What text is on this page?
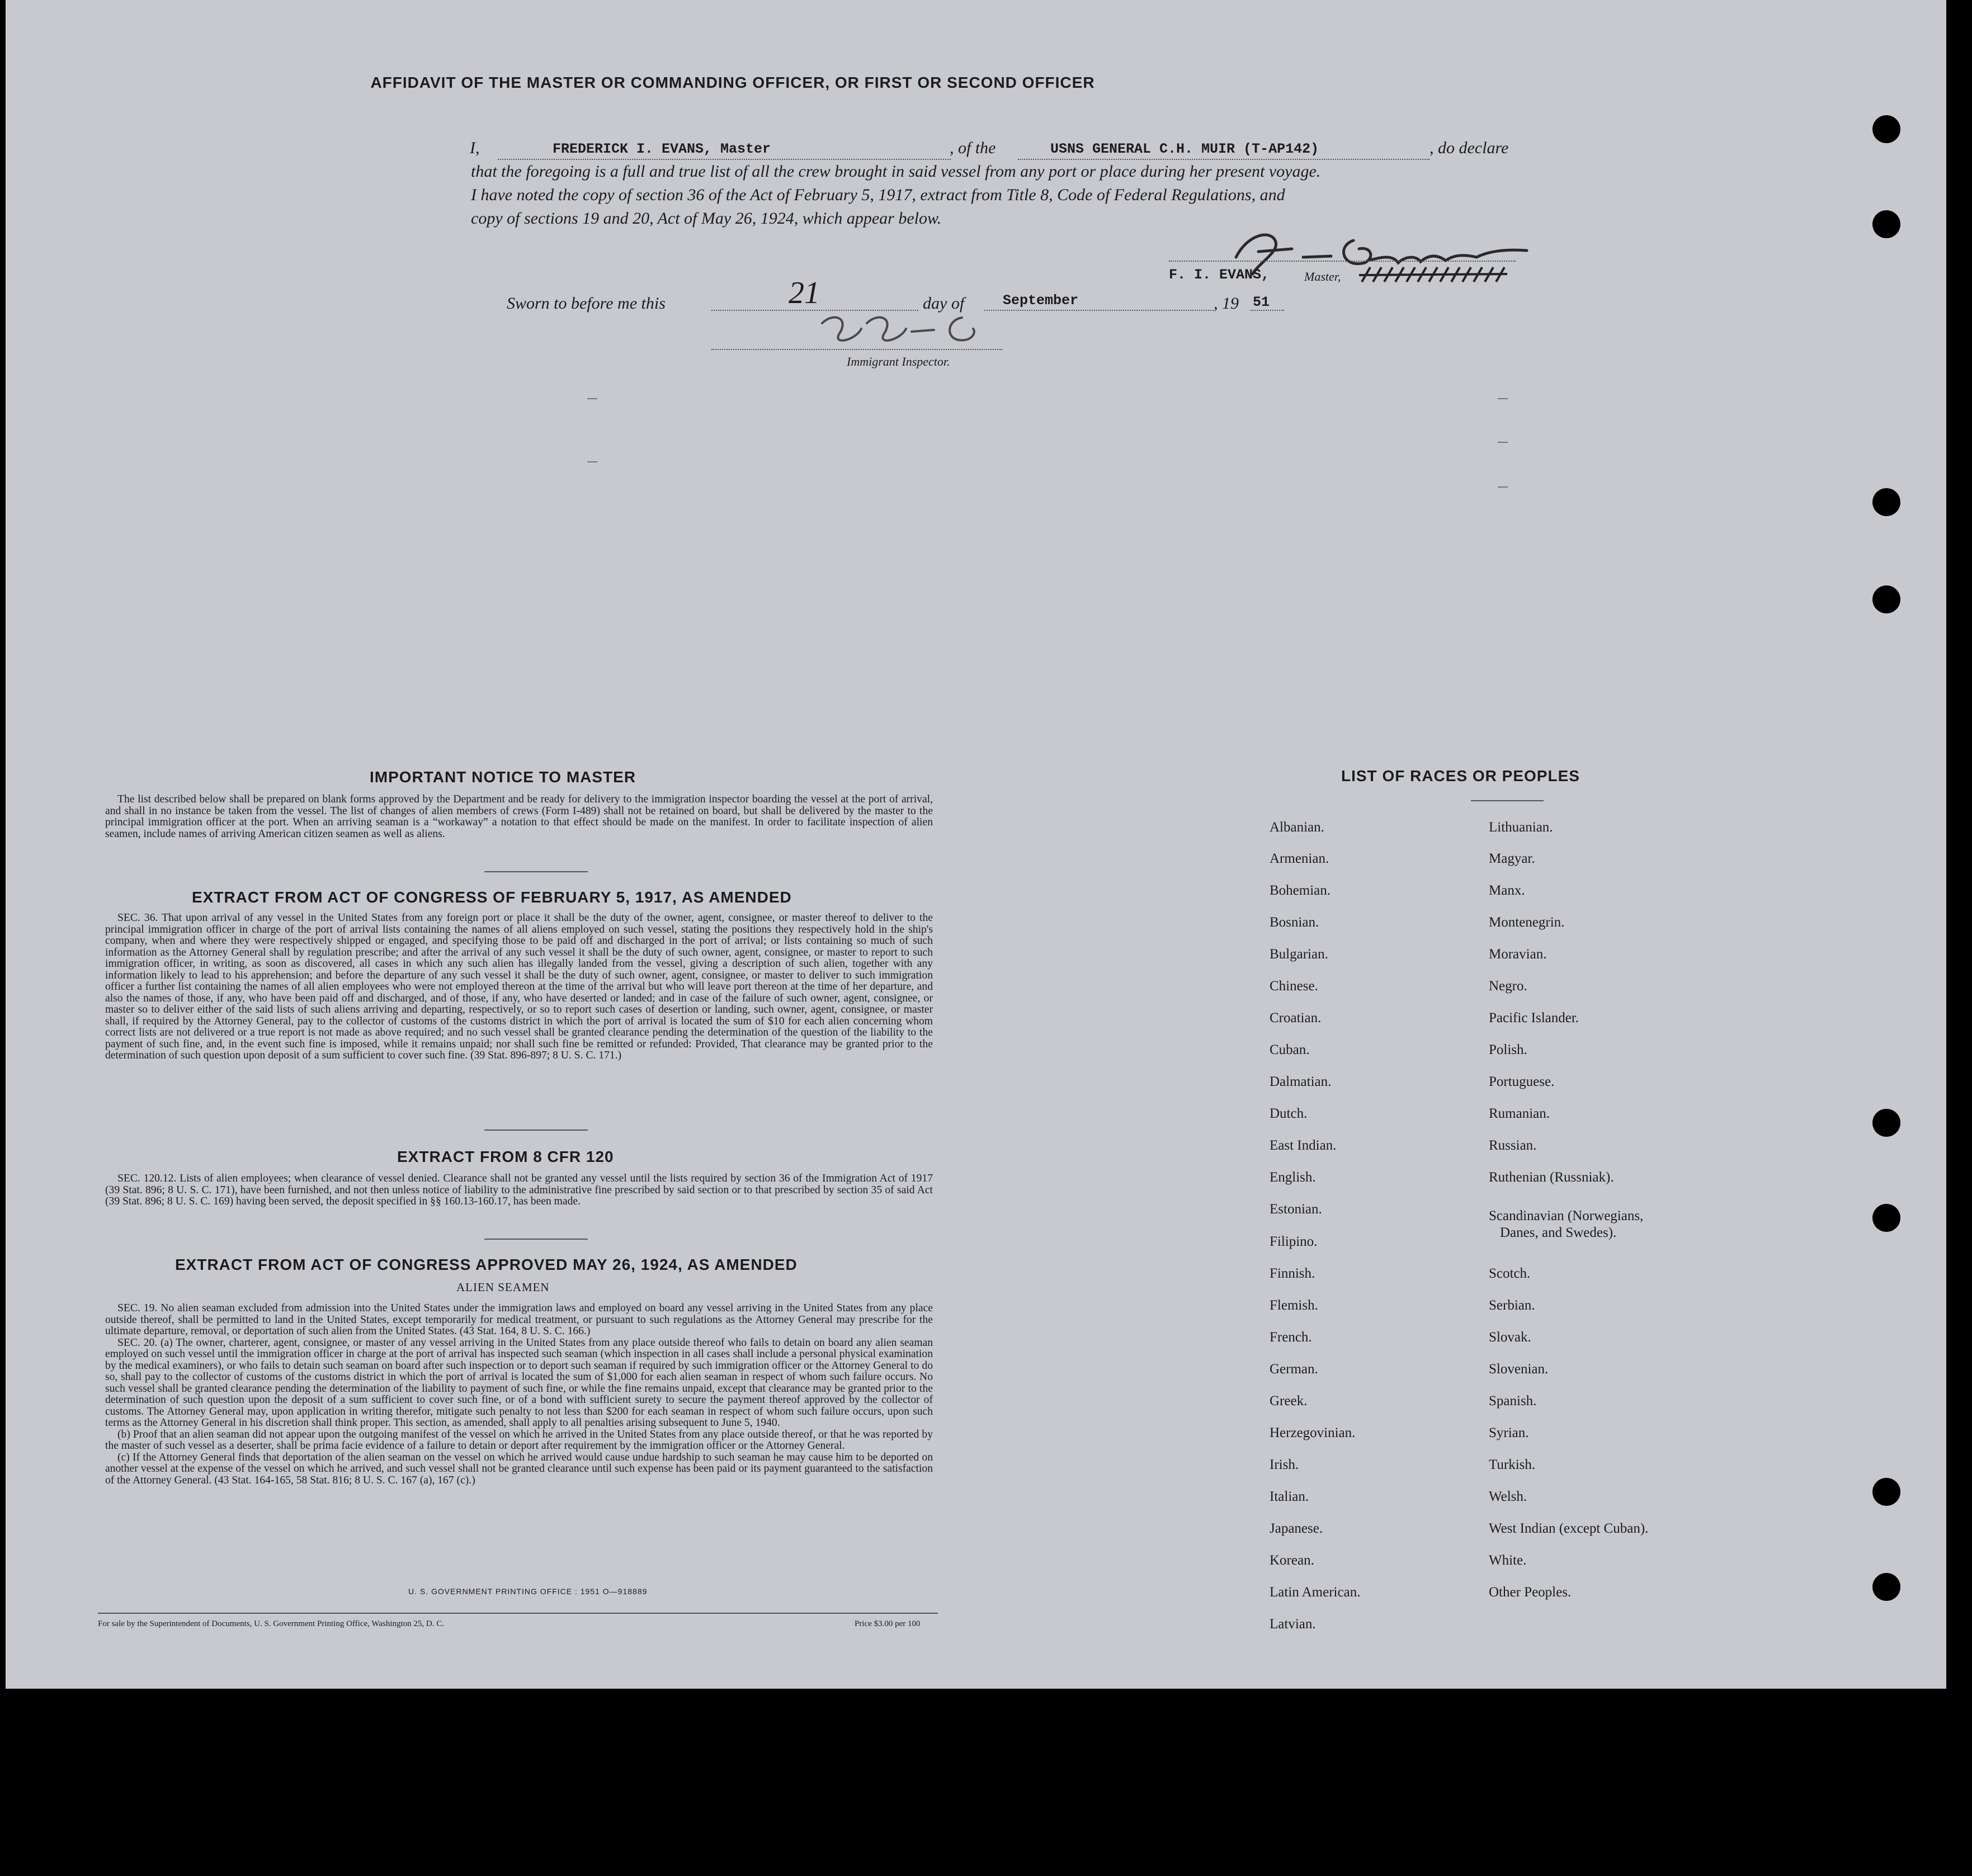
AFFIDAVIT OF THE MASTER OR COMMANDING OFFICER, OR FIRST OR SECOND OFFICER
I,	FREDERICK I. EVANS, Master	, of the	USNS GENERAL C.H. MUIR (T-AP142)	, do declare
that the foregoing is a full and true list of all the crew brought in said vessel from any port or place during her present voyage.
I have noted the copy of section 36 of the Act of February 5, 1917, extract from Title 8, Code of Federal Regulations, and
copy of sections 19 and 20, Act of May 26, 1924, which appear below.
F. I. EVANS,	Master,
Sworn to before me this	21	day of	September	, 19 51
Immigrant Inspector.
IMPORTANT NOTICE TO MASTER

The list described below shall be prepared on blank forms approved by the Department and be ready for delivery to the immigration inspector boarding the vessel at the port of arrival, and shall in no instance be taken from the vessel. The list of changes of alien members of crews (Form I-489) shall not be retained on board, but shall be delivered by the master to the principal immigration officer at the port. When an arriving seaman is a “workaway” a notation to that effect should be made on the manifest. In order to facilitate inspection of alien seamen, include names of arriving American citizen seamen as well as aliens.

EXTRACT FROM ACT OF CONGRESS OF FEBRUARY 5, 1917, AS AMENDED

SEC. 36. That upon arrival of any vessel in the United States from any foreign port or place it shall be the duty of the owner, agent, consignee, or master thereof to deliver to the principal immigration officer in charge of the port of arrival lists containing the names of all aliens employed on such vessel, stating the positions they respectively hold in the ship's company, when and where they were respectively shipped or engaged, and specifying those to be paid off and discharged in the port of arrival; or lists containing so much of such information as the Attorney General shall by regulation prescribe; and after the arrival of any such vessel it shall be the duty of such owner, agent, consignee, or master to report to such immigration officer, in writing, as soon as discovered, all cases in which any such alien has illegally landed from the vessel, giving a description of such alien, together with any information likely to lead to his apprehension; and before the departure of any such vessel it shall be the duty of such owner, agent, consignee, or master to deliver to such immigration officer a further list containing the names of all alien employees who were not employed thereon at the time of the arrival but who will leave port thereon at the time of her departure, and also the names of those, if any, who have been paid off and discharged, and of those, if any, who have deserted or landed; and in case of the failure of such owner, agent, consignee, or master so to deliver either of the said lists of such aliens arriving and departing, respectively, or so to report such cases of desertion or landing, such owner, agent, consignee, or master shall, if required by the Attorney General, pay to the collector of customs of the customs district in which the port of arrival is located the sum of $10 for each alien concerning whom correct lists are not delivered or a true report is not made as above required; and no such vessel shall be granted clearance pending the determination of the question of the liability to the payment of such fine, and, in the event such fine is imposed, while it remains unpaid; nor shall such fine be remitted or refunded: Provided, That clearance may be granted prior to the determination of such question upon deposit of a sum sufficient to cover such fine. (39 Stat. 896-897; 8 U. S. C. 171.)

EXTRACT FROM 8 CFR 120

SEC. 120.12. Lists of alien employees; when clearance of vessel denied. Clearance shall not be granted any vessel until the lists required by section 36 of the Immigration Act of 1917 (39 Stat. 896; 8 U. S. C. 171), have been furnished, and not then unless notice of liability to the administrative fine prescribed by said section or to that prescribed by section 35 of said Act (39 Stat. 896; 8 U. S. C. 169) having been served, the deposit specified in §§ 160.13-160.17, has been made.

EXTRACT FROM ACT OF CONGRESS APPROVED MAY 26, 1924, AS AMENDED
ALIEN SEAMEN

SEC. 19. No alien seaman excluded from admission into the United States under the immigration laws and employed on board any vessel arriving in the United States from any place outside thereof, shall be permitted to land in the United States, except temporarily for medical treatment, or pursuant to such regulations as the Attorney General may prescribe for the ultimate departure, removal, or deportation of such alien from the United States. (43 Stat. 164, 8 U. S. C. 166.)

SEC. 20. (a) The owner, charterer, agent, consignee, or master of any vessel arriving in the United States from any place outside thereof who fails to detain on board any alien seaman employed on such vessel until the immigration officer in charge at the port of arrival has inspected such seaman (which inspection in all cases shall include a personal physical examination by the medical examiners), or who fails to detain such seaman on board after such inspection or to deport such seaman if required by such immigration officer or the Attorney General to do so, shall pay to the collector of customs of the customs district in which the port of arrival is located the sum of $1,000 for each alien seaman in respect of whom such failure occurs. No such vessel shall be granted clearance pending the determination of the liability to payment of such fine, or while the fine remains unpaid, except that clearance may be granted prior to the determination of such question upon the deposit of a sum sufficient to cover such fine, or of a bond with sufficient surety to secure the payment thereof approved by the collector of customs. The Attorney General may, upon application in writing therefor, mitigate such penalty to not less than $200 for each seaman in respect of whom such failure occurs, upon such terms as the Attorney General in his discretion shall think proper. This section, as amended, shall apply to all penalties arising subsequent to June 5, 1940.

(b) Proof that an alien seaman did not appear upon the outgoing manifest of the vessel on which he arrived in the United States from any place outside thereof, or that he was reported by the master of such vessel as a deserter, shall be prima facie evidence of a failure to detain or deport after requirement by the immigration officer or the Attorney General.

(c) If the Attorney General finds that deportation of the alien seaman on the vessel on which he arrived would cause undue hardship to such seaman he may cause him to be deported on another vessel at the expense of the vessel on which he arrived, and such vessel shall not be granted clearance until such expense has been paid or its payment guaranteed to the satisfaction of the Attorney General. (43 Stat. 164-165, 58 Stat. 816; 8 U. S. C. 167 (a), 167 (c).)

U. S. GOVERNMENT PRINTING OFFICE : 1951 O—918889
For sale by the Superintendent of Documents, U. S. Government Printing Office, Washington 25, D. C.	Price $3.00 per 100
LIST OF RACES OR PEOPLES
Albanian.
Armenian.
Bohemian.
Bosnian.
Bulgarian.
Chinese.
Croatian.
Cuban.
Dalmatian.
Dutch.
East Indian.
English.
Estonian.
Filipino.
Finnish.
Flemish.
French.
German.
Greek.
Herzegovinian.
Irish.
Italian.
Japanese.
Korean.
Latin American.
Latvian.
Lithuanian.
Magyar.
Manx.
Montenegrin.
Moravian.
Negro.
Pacific Islander.
Polish.
Portuguese.
Rumanian.
Russian.
Ruthenian (Russniak).
Scandinavian (Norwegians,
Danes, and Swedes).
Scotch.
Serbian.
Slovak.
Slovenian.
Spanish.
Syrian.
Turkish.
Welsh.
West Indian (except Cuban).
White.
Other Peoples.
